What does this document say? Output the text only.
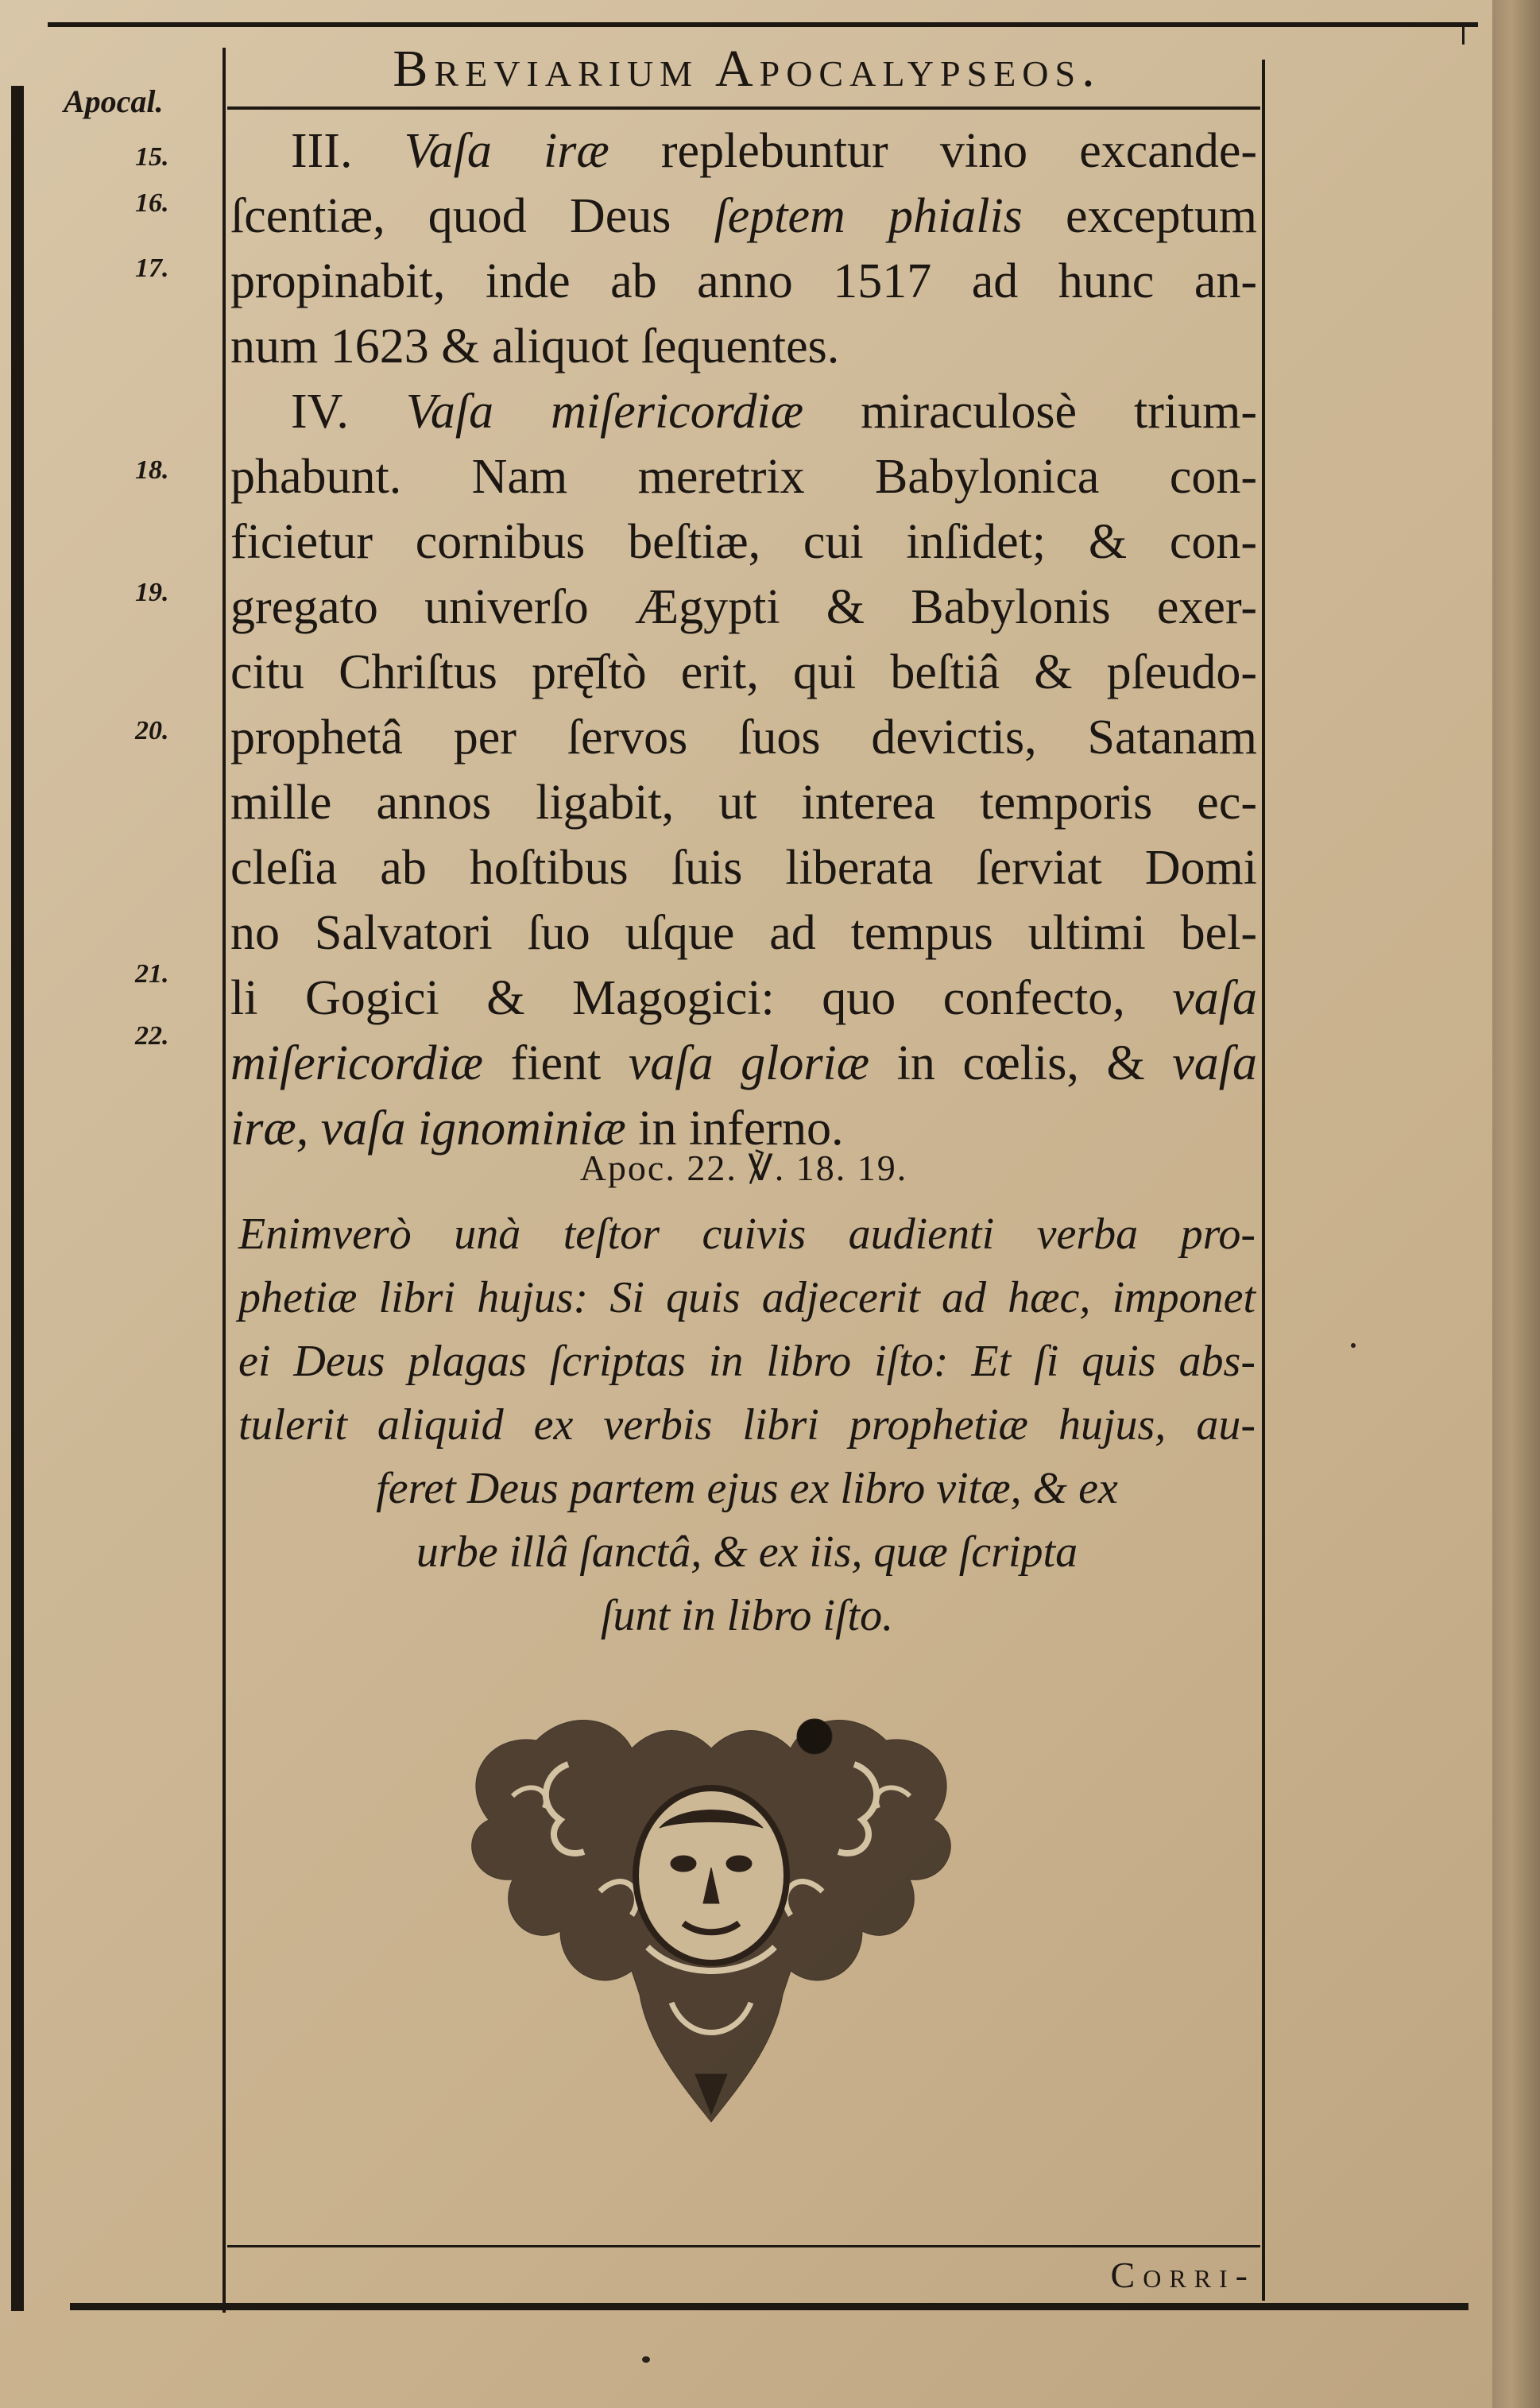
Breviarium Apocalypseos.
Apocal.
15.
16.
17.
18.
19.
20.
21.
22.
III. Vaſa iræ replebuntur vino excande-
ſcentiæ, quod Deus ſeptem phialis exceptum
propinabit, inde ab anno 1517 ad hunc an-
num 1623 & aliquot ſequentes.
IV. Vaſa miſericordiæ miraculosè trium-
phabunt. Nam meretrix Babylonica con-
ficietur cornibus beſtiæ, cui inſidet; & con-
gregato univerſo Ægypti & Babylonis exer-
citu Chriſtus prę̄ſtò erit, qui beſtiâ & pſeudo-
prophetâ per ſervos ſuos devictis, Satanam
mille annos ligabit, ut interea temporis ec-
cleſia ab hoſtibus ſuis liberata ſerviat Domi
no Salvatori ſuo uſque ad tempus ultimi bel-
li Gogici & Magogici: quo confecto, vaſa
miſericordiæ fient vaſa gloriæ in cœlis, & vaſa
iræ, vaſa ignominiæ in inferno.
Apoc. 22. ℣. 18. 19.
Enimverò unà teſtor cuivis audienti verba pro-
phetiæ libri hujus: Si quis adjecerit ad hæc, imponet
ei Deus plagas ſcriptas in libro iſto: Et ſi quis abs-
tulerit aliquid ex verbis libri prophetiæ hujus, au-
feret Deus partem ejus ex libro vitæ, & ex
urbe illâ ſanctâ, & ex iis, quæ ſcripta
ſunt in libro iſto.
Corri-
